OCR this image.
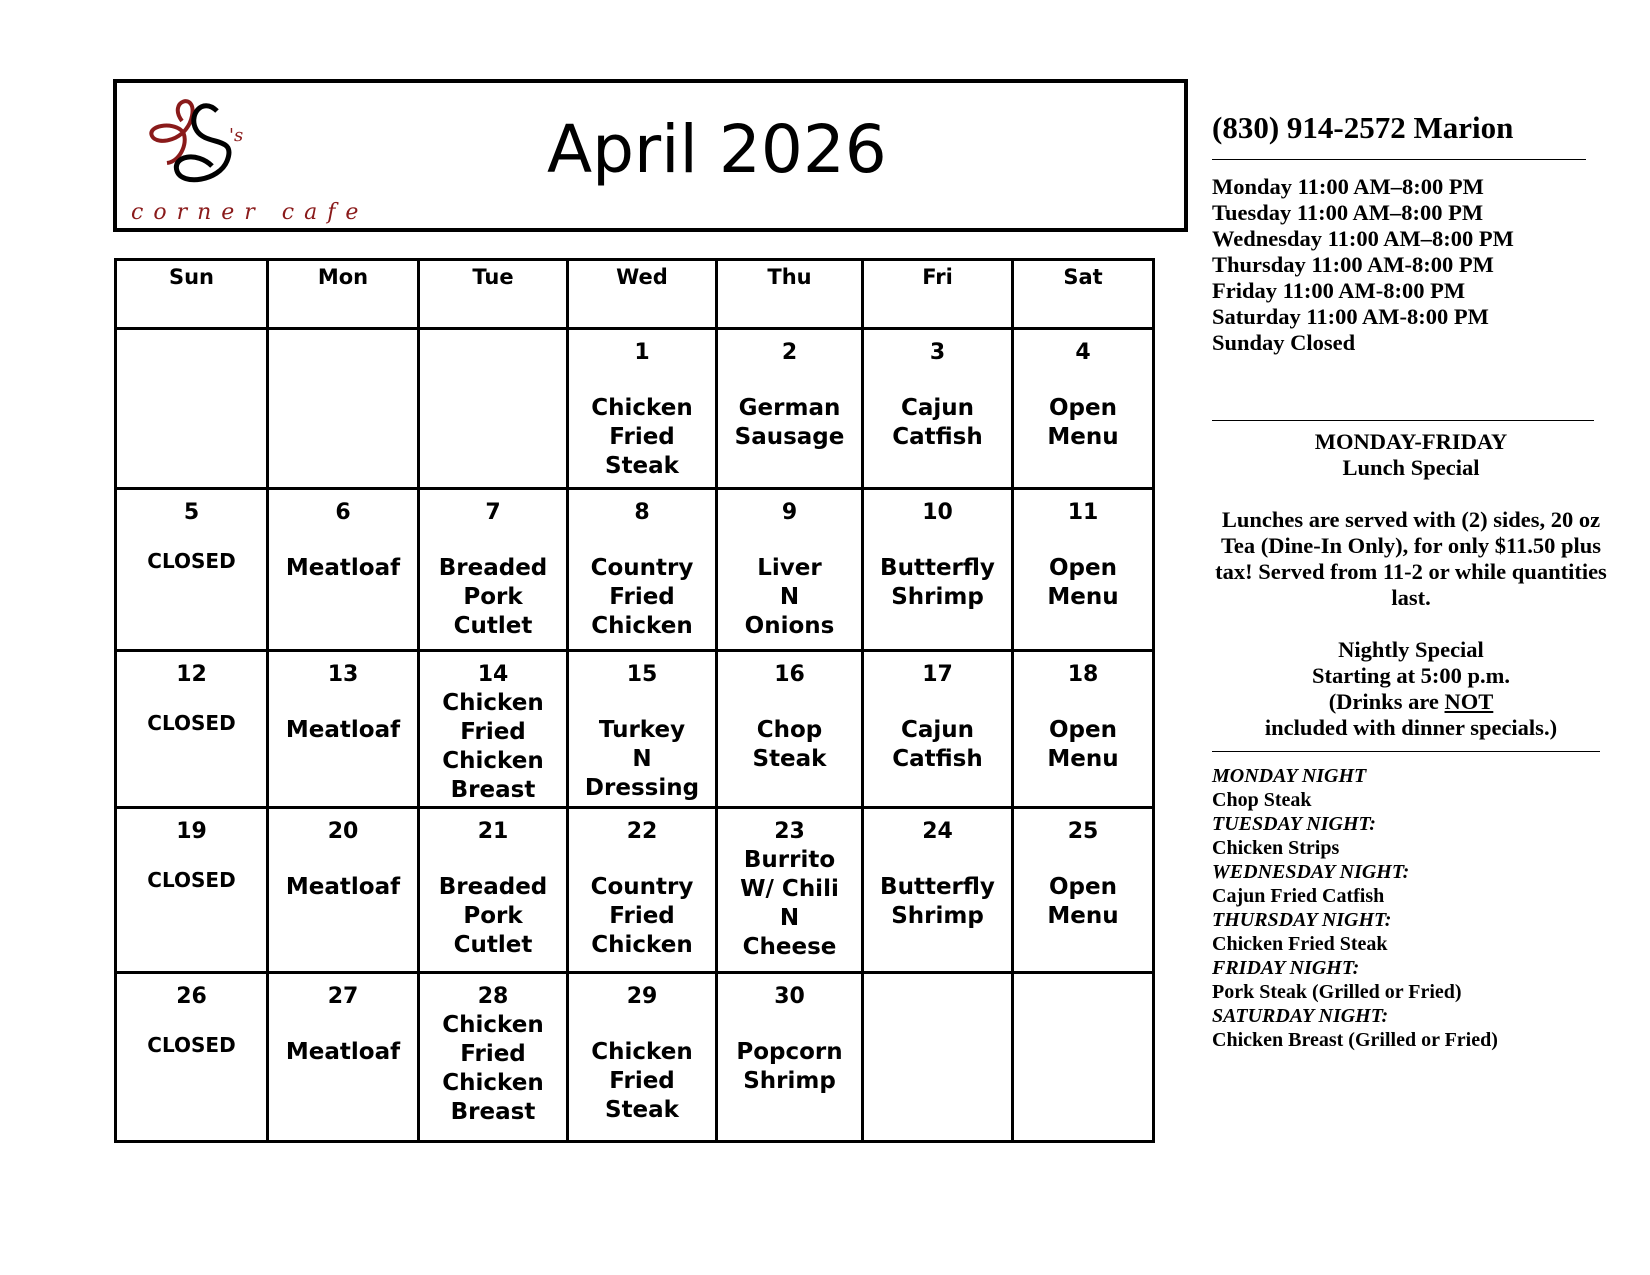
's
corner cafe
April 2026
Sun	Mon	Tue	Wed	Thu	Fri	Sat

			1
Chicken
Fried
Steak	2
German
Sausage	3
Cajun
Catfish	4
Open
Menu

5
CLOSED	6
Meatloaf	7
Breaded
Pork
Cutlet	8
Country
Fried
Chicken	9
Liver
N
Onions	10
Butterfly
Shrimp	11
Open
Menu

12
CLOSED	13
Meatloaf	14
Chicken
Fried
Chicken
Breast	15
Turkey
N
Dressing	16
Chop
Steak	17
Cajun
Catfish	18
Open
Menu

19
CLOSED	20
Meatloaf	21
Breaded
Pork
Cutlet	22
Country
Fried
Chicken	23
Burrito
W/ Chili
N
Cheese	24
Butterfly
Shrimp	25
Open
Menu

26
CLOSED	27
Meatloaf	28
Chicken
Fried
Chicken
Breast	29
Chicken
Fried
Steak	30
Popcorn
Shrimp		

(830) 914-2572 Marion

Monday 11:00 AM–8:00 PM
Tuesday 11:00 AM–8:00 PM
Wednesday 11:00 AM–8:00 PM
Thursday 11:00 AM-8:00 PM
Friday 11:00 AM-8:00 PM
Saturday 11:00 AM-8:00 PM
Sunday Closed
MONDAY-FRIDAY
Lunch Special
Lunches are served with (2) sides, 20 oz Tea (Dine-In Only), for only $11.50 plus tax! Served from 11-2 or while quantities last.
Nightly Special
Starting at 5:00 p.m.
(Drinks are NOT
included with dinner specials.)
MONDAY NIGHT
Chop Steak
TUESDAY NIGHT:
Chicken Strips
WEDNESDAY NIGHT:
Cajun Fried Catfish
THURSDAY NIGHT:
Chicken Fried Steak
FRIDAY NIGHT:
Pork Steak (Grilled or Fried)
SATURDAY NIGHT:
Chicken Breast (Grilled or Fried)
